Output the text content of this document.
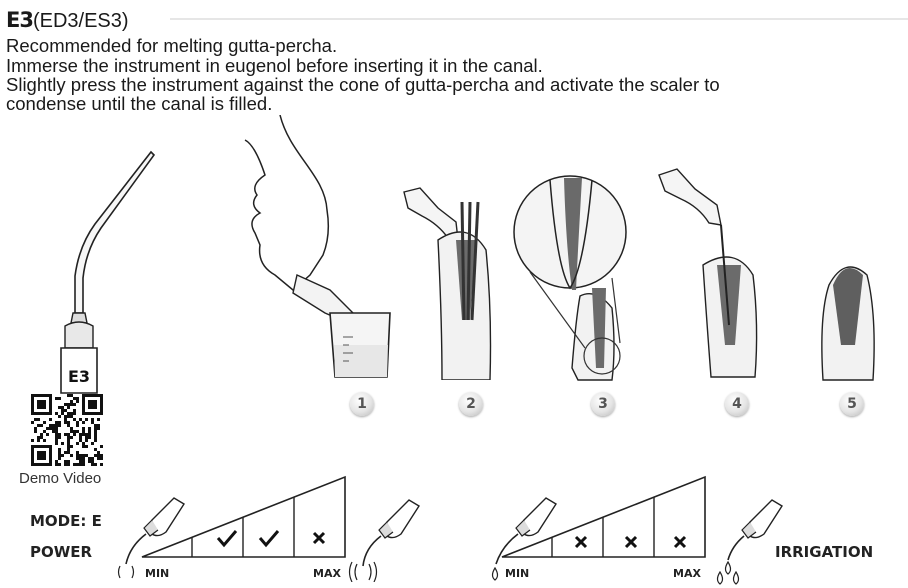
E3(ED3/ES3)
Recommended for melting gutta-percha.
Immerse the instrument in eugenol before inserting it in the canal.
Slightly press the instrument against the cone of gutta-percha and activate the scaler to
condense until the canal is filled.
E3
Demo Video
1	2	3	4	5
MODE: E
POWER	IRRIGATION
MIN	MAX	MIN	MAX
